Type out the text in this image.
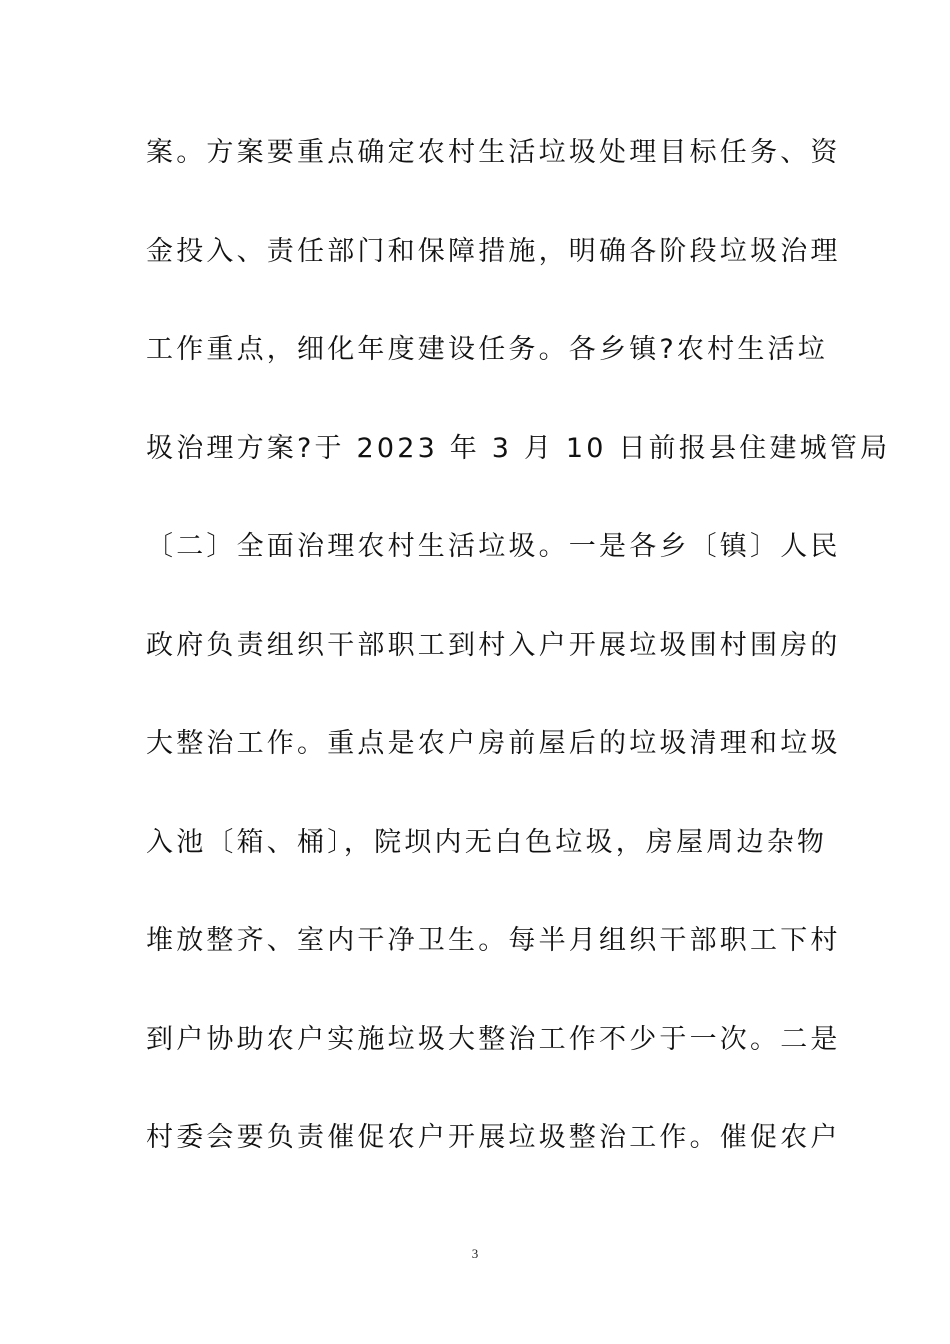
案。方案要重点确定农村生活垃圾处理目标任务、资
金投入、责任部门和保障措施，明确各阶段垃圾治理
工作重点，细化年度建设任务。各乡镇?农村生活垃
圾治理方案?于 2023 年 3 月 10 日前报县住建城管局
〔二〕全面治理农村生活垃圾。一是各乡〔镇〕人民
政府负责组织干部职工到村入户开展垃圾围村围房的
大整治工作。重点是农户房前屋后的垃圾清理和垃圾
入池〔箱、桶〕，院坝内无白色垃圾，房屋周边杂物
堆放整齐、室内干净卫生。每半月组织干部职工下村
到户协助农户实施垃圾大整治工作不少于一次。二是
村委会要负责催促农户开展垃圾整治工作。催促农户
3
